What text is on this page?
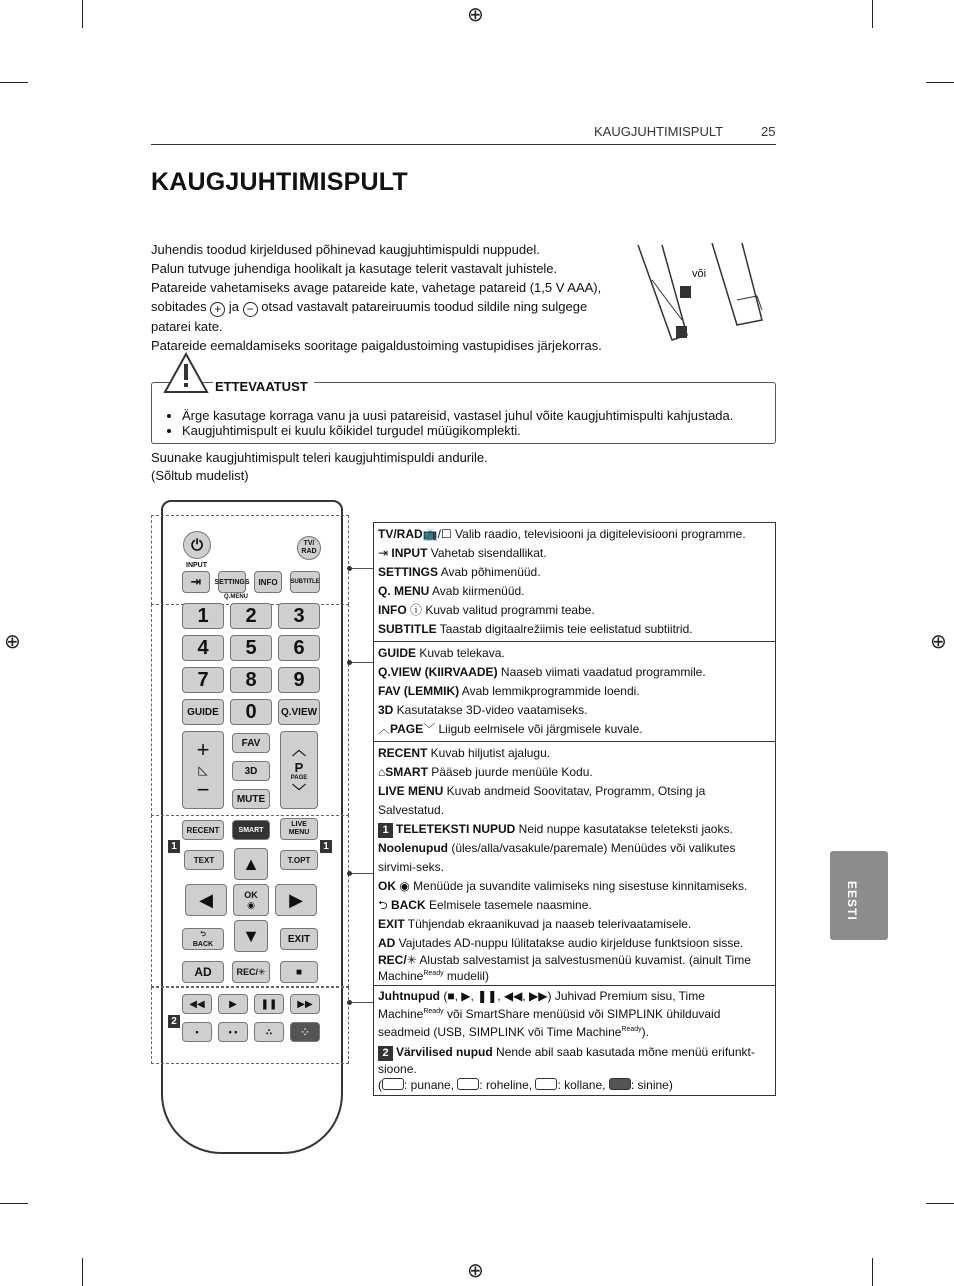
⊕
⊕
⊕	⊕
KAUGJUHTIMISPULT	25
KAUGJUHTIMISPULT

Juhendis toodud kirjeldused põhinevad kaugjuhtimispuldi nuppudel.

Palun tutvuge juhendiga hoolikalt ja kasutage telerit vastavalt juhistele.

Patareide vahetamiseks avage patareide kate, vahetage patareid (1,5 V AAA),

sobitades + ja − otsad vastavalt patareiruumis toodud sildile ning sulgege

patarei kate.

Patareide eemaldamiseks sooritage paigaldustoiming vastupidises järjekorras.

või
• Ärge kasutage korraga vanu ja uusi patareisid, vastasel juhul võite kaugjuhtimispulti kahjustada.
• Kaugjuhtimispult ei kuulu kõikidel turgudel müügikomplekti.
ETTEVAATUST
Suunake kaugjuhtimispult teleri kaugjuhtimispuldi andurile.
(Sõltub mudelist)
EESTI
⏻	TV/ RAD
INPUT
⇥	SETTINGS	INFO	SUBTITLE
Q.MENU
1	2	3
4	5	6
7	8	9
GUIDE	0	Q.VIEW
+
◺
−
FAV
3D
MUTE
︿
P
PAGE
﹀
RECENT	SMART
LIVE MENU
1	1
TEXT	T.OPT
▲
◀	OK
◉	▶
⮌
BACK	▼	EXIT
AD	REC/ ✳	■
◀◀	▶	❚❚	▶▶
2
•	• •	∴	⁘
TV/RAD📺/☐ Valib raadio, televisiooni ja digitelevisiooni programme.
⇥ INPUT Vahetab sisendallikat.
SETTINGS Avab põhimenüüd.
Q. MENU Avab kiirmenüüd.
INFO ⓘ Kuvab valitud programmi teabe.
SUBTITLE Taastab digitaalrežiimis teie eelistatud subtiitrid.
GUIDE Kuvab telekava.
Q.VIEW (KIIRVAADE) Naaseb viimati vaadatud programmile.
FAV (LEMMIK) Avab lemmikprogrammide loendi.
3D Kasutatakse 3D-video vaatamiseks.
︿PAGE﹀ Liigub eelmisele või järgmisele kuvale.
RECENT Kuvab hiljutist ajalugu.
⌂SMART Pääseb juurde menüüle Kodu.
LIVE MENU Kuvab andmeid Soovitatav, Programm, Otsing ja Salvestatud.
1 TELETEKSTI NUPUD Neid nuppe kasutatakse teleteksti jaoks.
Noolenupud (üles/alla/vasakule/paremale) Menüüdes või valikutes sirvimi-seks.
OK ◉ Menüüde ja suvandite valimiseks ning sisestuse kinnitamiseks.
⮌ BACK Eelmisele tasemele naasmine.
EXIT Tühjendab ekraanikuvad ja naaseb telerivaatamisele.
AD Vajutades AD-nuppu lülitatakse audio kirjelduse funktsioon sisse.
REC/✳ Alustab salvestamist ja salvestusmenüü kuvamist. (ainult Time Machine$^{Ready}$ mudelil)
Juhtnupud (■, ▶, ❚❚, ◀◀, ▶▶) Juhivad Premium sisu, Time Machine$^{Ready}$ või SmartShare menüüsid või SIMPLINK ühilduvaid seadmeid (USB, SIMPLINK või Time Machine$^{Ready}$).
2 Värvilised nupud Nende abil saab kasutada mõne menüü erifunkt-sioone.
( : punane, : roheline, : kollane, : sinine)
